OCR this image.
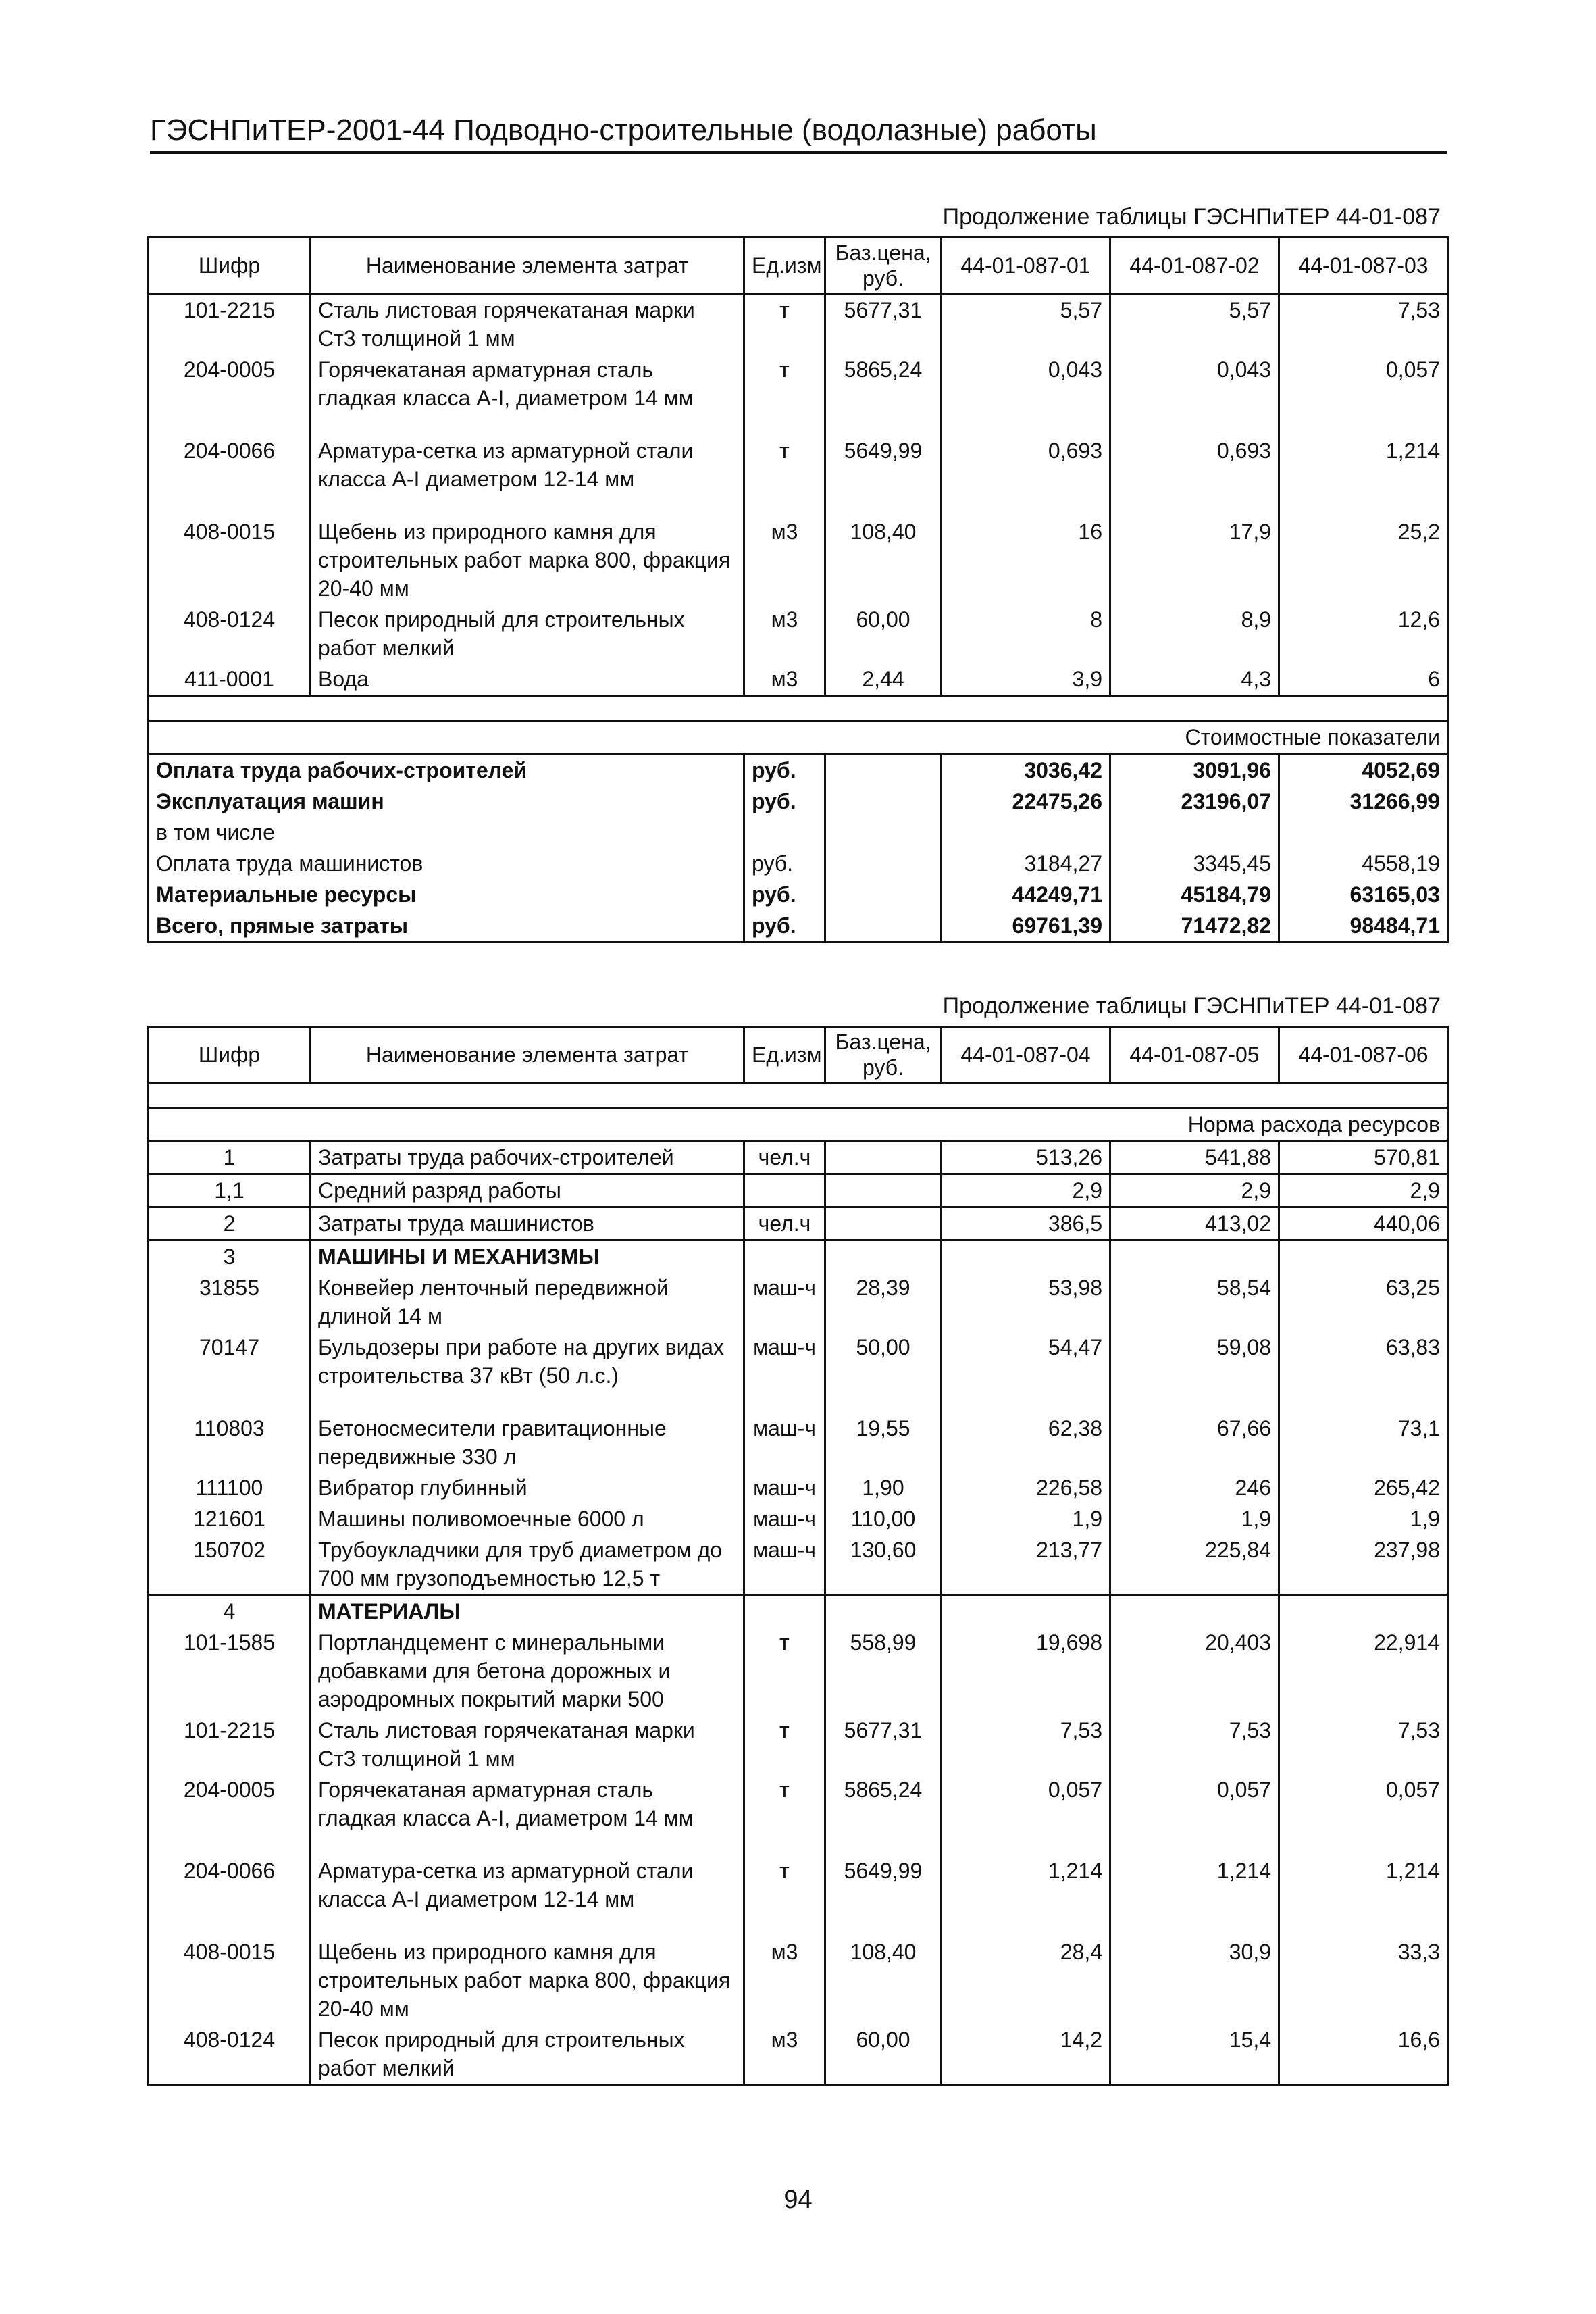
ГЭСНПиТЕР-2001-44 Подводно-строительные (водолазные) работы
Продолжение таблицы ГЭСНПиТЕР 44-01-087
Шифр	Наименование элемента затрат	Ед.изм	Баз.цена, руб.	44-01-087-01	44-01-087-02	44-01-087-03
101-2215	Сталь листовая горячекатаная марки Ст3 толщиной 1 мм	т	5677,31	5,57	5,57	7,53
204-0005	Горячекатаная арматурная сталь гладкая класса А-I, диаметром 14 мм	т	5865,24	0,043	0,043	0,057
204-0066	Арматура-сетка из арматурной стали класса А-I диаметром 12-14 мм	т	5649,99	0,693	0,693	1,214
408-0015	Щебень из природного камня для строительных работ марка 800, фракция 20-40 мм	м3	108,40	16	17,9	25,2
408-0124	Песок природный для строительных работ мелкий	м3	60,00	8	8,9	12,6
411-0001	Вода	м3	2,44	3,9	4,3	6

Стоимостные показатели						
Оплата труда рабочих-строителей		руб.		3036,42	3091,96	4052,69
Эксплуатация машин		руб.		22475,26	23196,07	31266,99
в том числе						
Оплата труда машинистов		руб.		3184,27	3345,45	4558,19
Материальные ресурсы		руб.		44249,71	45184,79	63165,03
Всего, прямые затраты		руб.		69761,39	71472,82	98484,71
Продолжение таблицы ГЭСНПиТЕР 44-01-087
Шифр	Наименование элемента затрат	Ед.изм	Баз.цена, руб.	44-01-087-04	44-01-087-05	44-01-087-06

Норма расхода ресурсов						
1	Затраты труда рабочих-строителей	чел.ч		513,26	541,88	570,81
1,1	Средний разряд работы			2,9	2,9	2,9
2	Затраты труда машинистов	чел.ч		386,5	413,02	440,06
3	МАШИНЫ И МЕХАНИЗМЫ					
31855	Конвейер ленточный передвижной длиной 14 м	маш-ч	28,39	53,98	58,54	63,25
70147	Бульдозеры при работе на других видах строительства 37 кВт (50 л.с.)	маш-ч	50,00	54,47	59,08	63,83
110803	Бетоносмесители гравитационные передвижные 330 л	маш-ч	19,55	62,38	67,66	73,1
111100	Вибратор глубинный	маш-ч	1,90	226,58	246	265,42
121601	Машины поливомоечные 6000 л	маш-ч	110,00	1,9	1,9	1,9
150702	Трубоукладчики для труб диаметром до 700 мм грузоподъемностью 12,5 т	маш-ч	130,60	213,77	225,84	237,98
4	МАТЕРИАЛЫ					
101-1585	Портландцемент с минеральными добавками для бетона дорожных и аэродромных покрытий марки 500	т	558,99	19,698	20,403	22,914
101-2215	Сталь листовая горячекатаная марки Ст3 толщиной 1 мм	т	5677,31	7,53	7,53	7,53
204-0005	Горячекатаная арматурная сталь гладкая класса А-I, диаметром 14 мм	т	5865,24	0,057	0,057	0,057
204-0066	Арматура-сетка из арматурной стали класса А-I диаметром 12-14 мм	т	5649,99	1,214	1,214	1,214
408-0015	Щебень из природного камня для строительных работ марка 800, фракция 20-40 мм	м3	108,40	28,4	30,9	33,3
408-0124	Песок природный для строительных работ мелкий	м3	60,00	14,2	15,4	16,6
94
